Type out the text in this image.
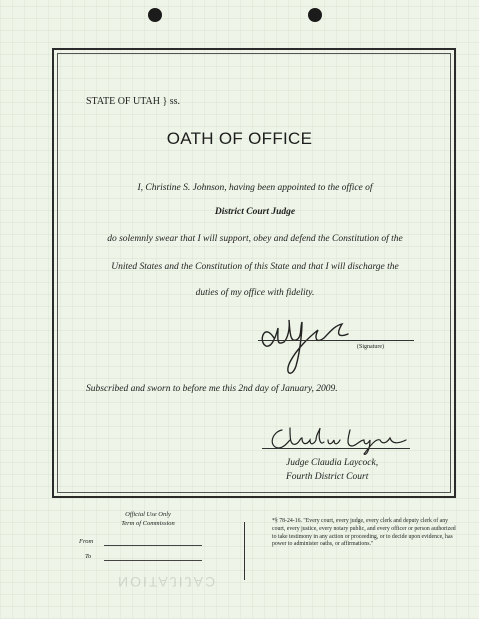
STATE OF UTAH } ss.
OATH OF OFFICE
I, Christine S. Johnson, having been appointed to the office of
District Court Judge
do solemnly swear that I will support, obey and defend the Constitution of the
United States and the Constitution of this State and that I will discharge the
duties of my office with fidelity.
(Signature)
Subscribed and sworn to before me this 2nd day of January, 2009.
Judge Claudia Laycock,
Fourth District Court
Official Use Only
Term of Commission
From
To
*§ 78-24-16. "Every court, every judge, every clerk and deputy clerk of any court, every justice, every notary public, and every officer or person authorized to take testimony in any action or proceeding, or to decide upon evidence, has power to administer oaths, or affirmations."
NOITAJIJAƆ
